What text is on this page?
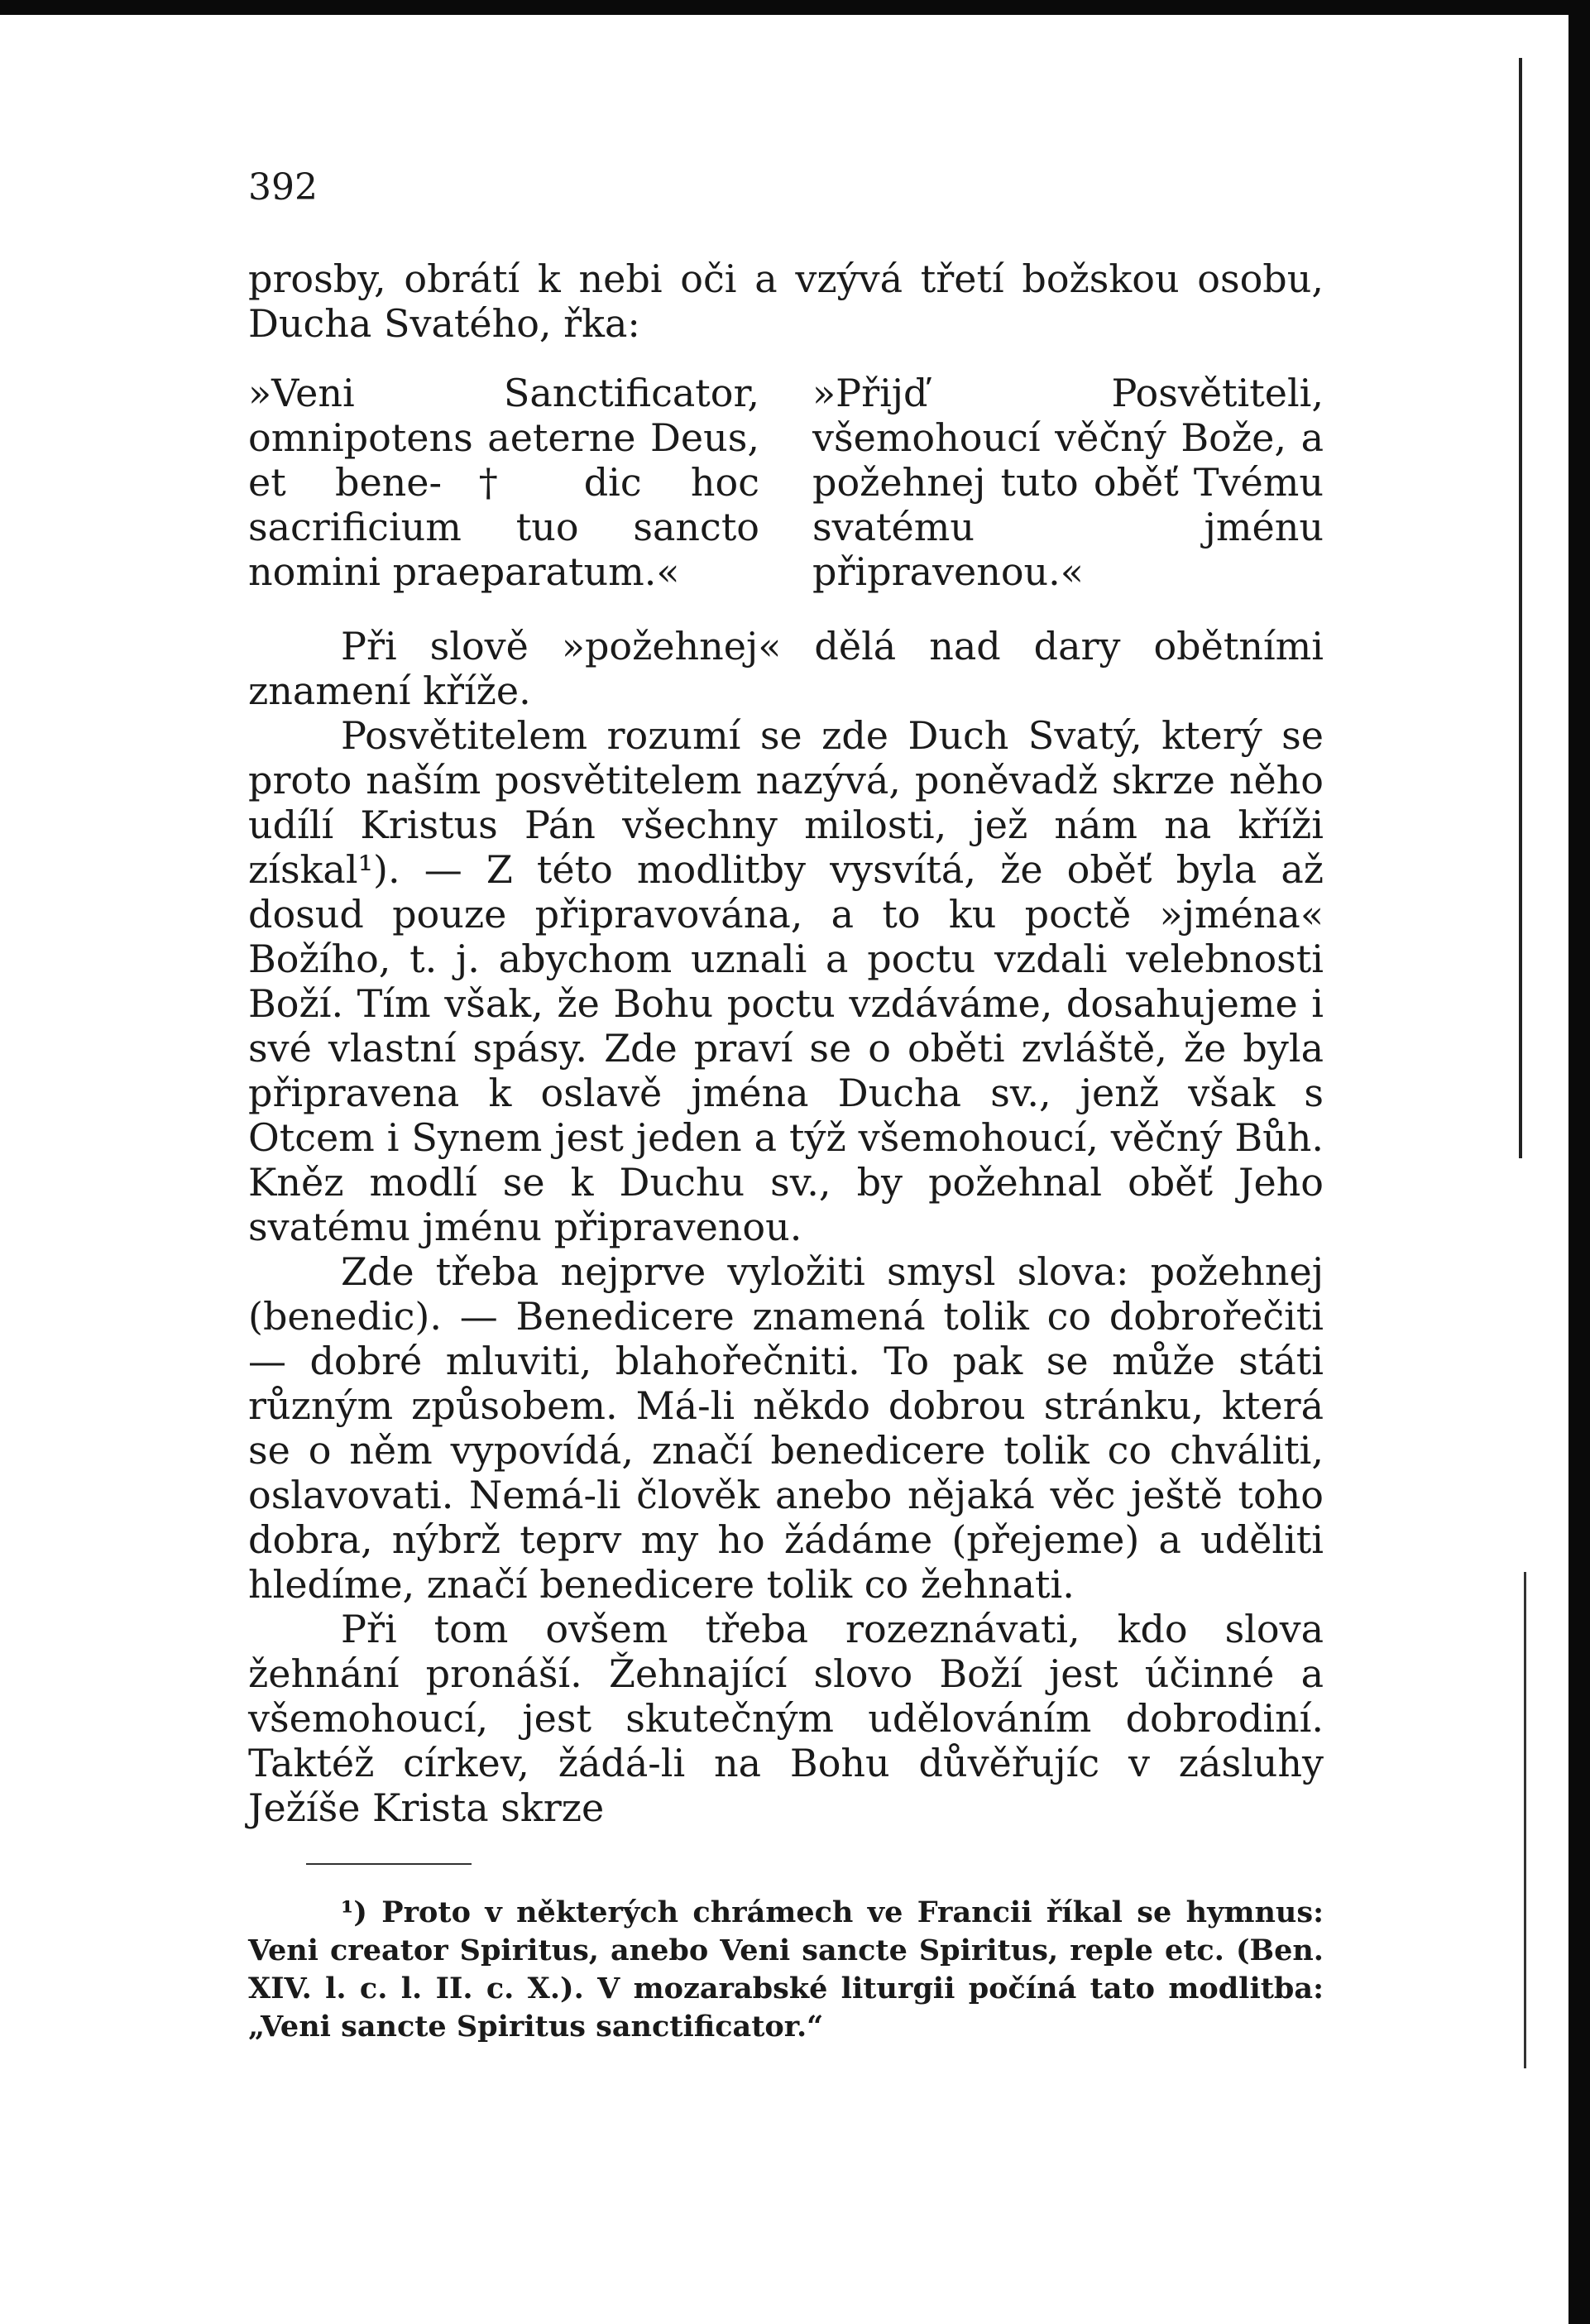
392

prosby, obrátí k nebi oči a vzývá třetí božskou osobu, Ducha Svatého, řka:

»Veni Sanctificator, omnipotens aeterne Deus, et bene-† dic hoc sacrificium tuo sancto nomini praeparatum.«
»Přijď Posvětiteli, všemohoucí věčný Bože, a požehnej tuto oběť Tvému svatému jménu připravenou.«

Při slově »požehnej« dělá nad dary obětními znamení kříže.

Posvětitelem rozumí se zde Duch Svatý, který se proto naším posvětitelem nazývá, poněvadž skrze něho udílí Kristus Pán všechny milosti, jež nám na kříži získal¹). — Z této modlitby vysvítá, že oběť byla až dosud pouze připravována, a to ku poctě »jména« Božího, t. j. abychom uznali a poctu vzdali velebnosti Boží. Tím však, že Bohu poctu vzdáváme, dosahujeme i své vlastní spásy. Zde praví se o oběti zvláště, že byla připravena k oslavě jména Ducha sv., jenž však s Otcem i Synem jest jeden a týž všemohoucí, věčný Bůh. Kněz modlí se k Duchu sv., by požehnal oběť Jeho svatému jménu připravenou.

Zde třeba nejprve vyložiti smysl slova: požehnej (benedic). — Benedicere znamená tolik co dobrořečiti — dobré mluviti, blahořečniti. To pak se může státi různým způsobem. Má-li někdo dobrou stránku, která se o něm vypovídá, značí benedicere tolik co chváliti, oslavovati. Nemá-li člověk anebo nějaká věc ještě toho dobra, nýbrž teprv my ho žádáme (přejeme) a uděliti hledíme, značí benedicere tolik co žehnati.

Při tom ovšem třeba rozeznávati, kdo slova žehnání pronáší. Žehnající slovo Boží jest účinné a všemohoucí, jest skutečným udělováním dobrodiní. Taktéž církev, žádá-li na Bohu důvěřujíc v zásluhy Ježíše Krista skrze

¹) Proto v některých chrámech ve Francii říkal se hymnus: Veni creator Spiritus, anebo Veni sancte Spiritus, reple etc. (Ben. XIV. l. c. l. II. c. X.). V mozarabské liturgii počíná tato modlitba: „Veni sancte Spiritus sanctificator.“
